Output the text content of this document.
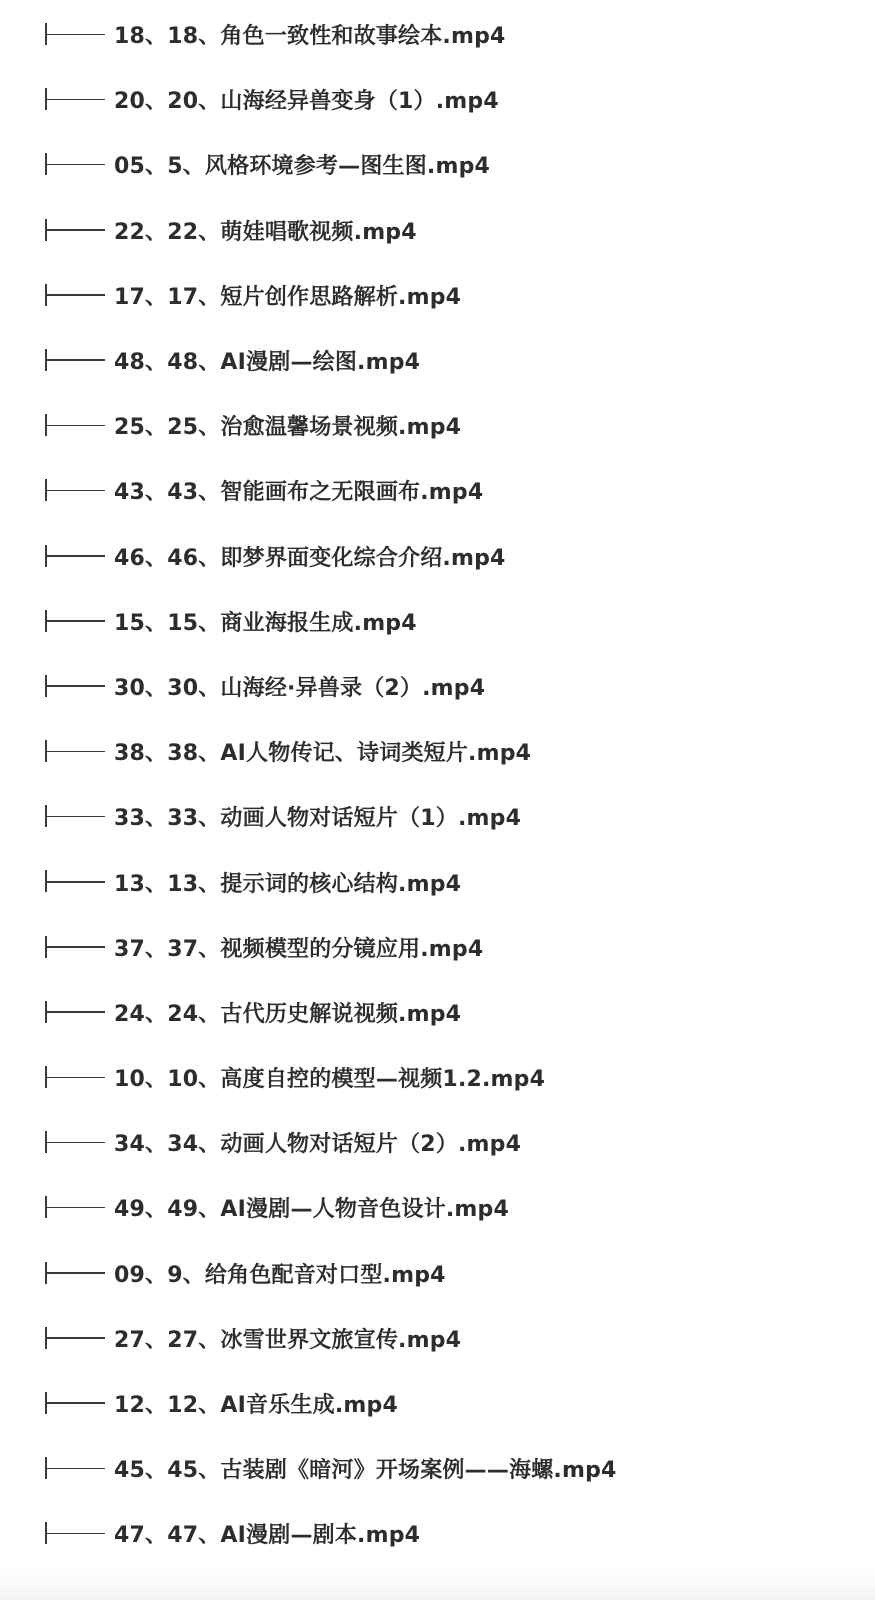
18、18、角色一致性和故事绘本.mp4
20、20、山海经异兽变身（1）.mp4
05、5、风格环境参考—图生图.mp4
22、22、萌娃唱歌视频.mp4
17、17、短片创作思路解析.mp4
48、48、AI漫剧—绘图.mp4
25、25、治愈温馨场景视频.mp4
43、43、智能画布之无限画布.mp4
46、46、即梦界面变化综合介绍.mp4
15、15、商业海报生成.mp4
30、30、山海经·异兽录（2）.mp4
38、38、AI人物传记、诗词类短片.mp4
33、33、动画人物对话短片（1）.mp4
13、13、提示词的核心结构.mp4
37、37、视频模型的分镜应用.mp4
24、24、古代历史解说视频.mp4
10、10、高度自控的模型—视频1.2.mp4
34、34、动画人物对话短片（2）.mp4
49、49、AI漫剧—人物音色设计.mp4
09、9、给角色配音对口型.mp4
27、27、冰雪世界文旅宣传.mp4
12、12、AI音乐生成.mp4
45、45、古装剧《暗河》开场案例——海螺.mp4
47、47、AI漫剧—剧本.mp4
